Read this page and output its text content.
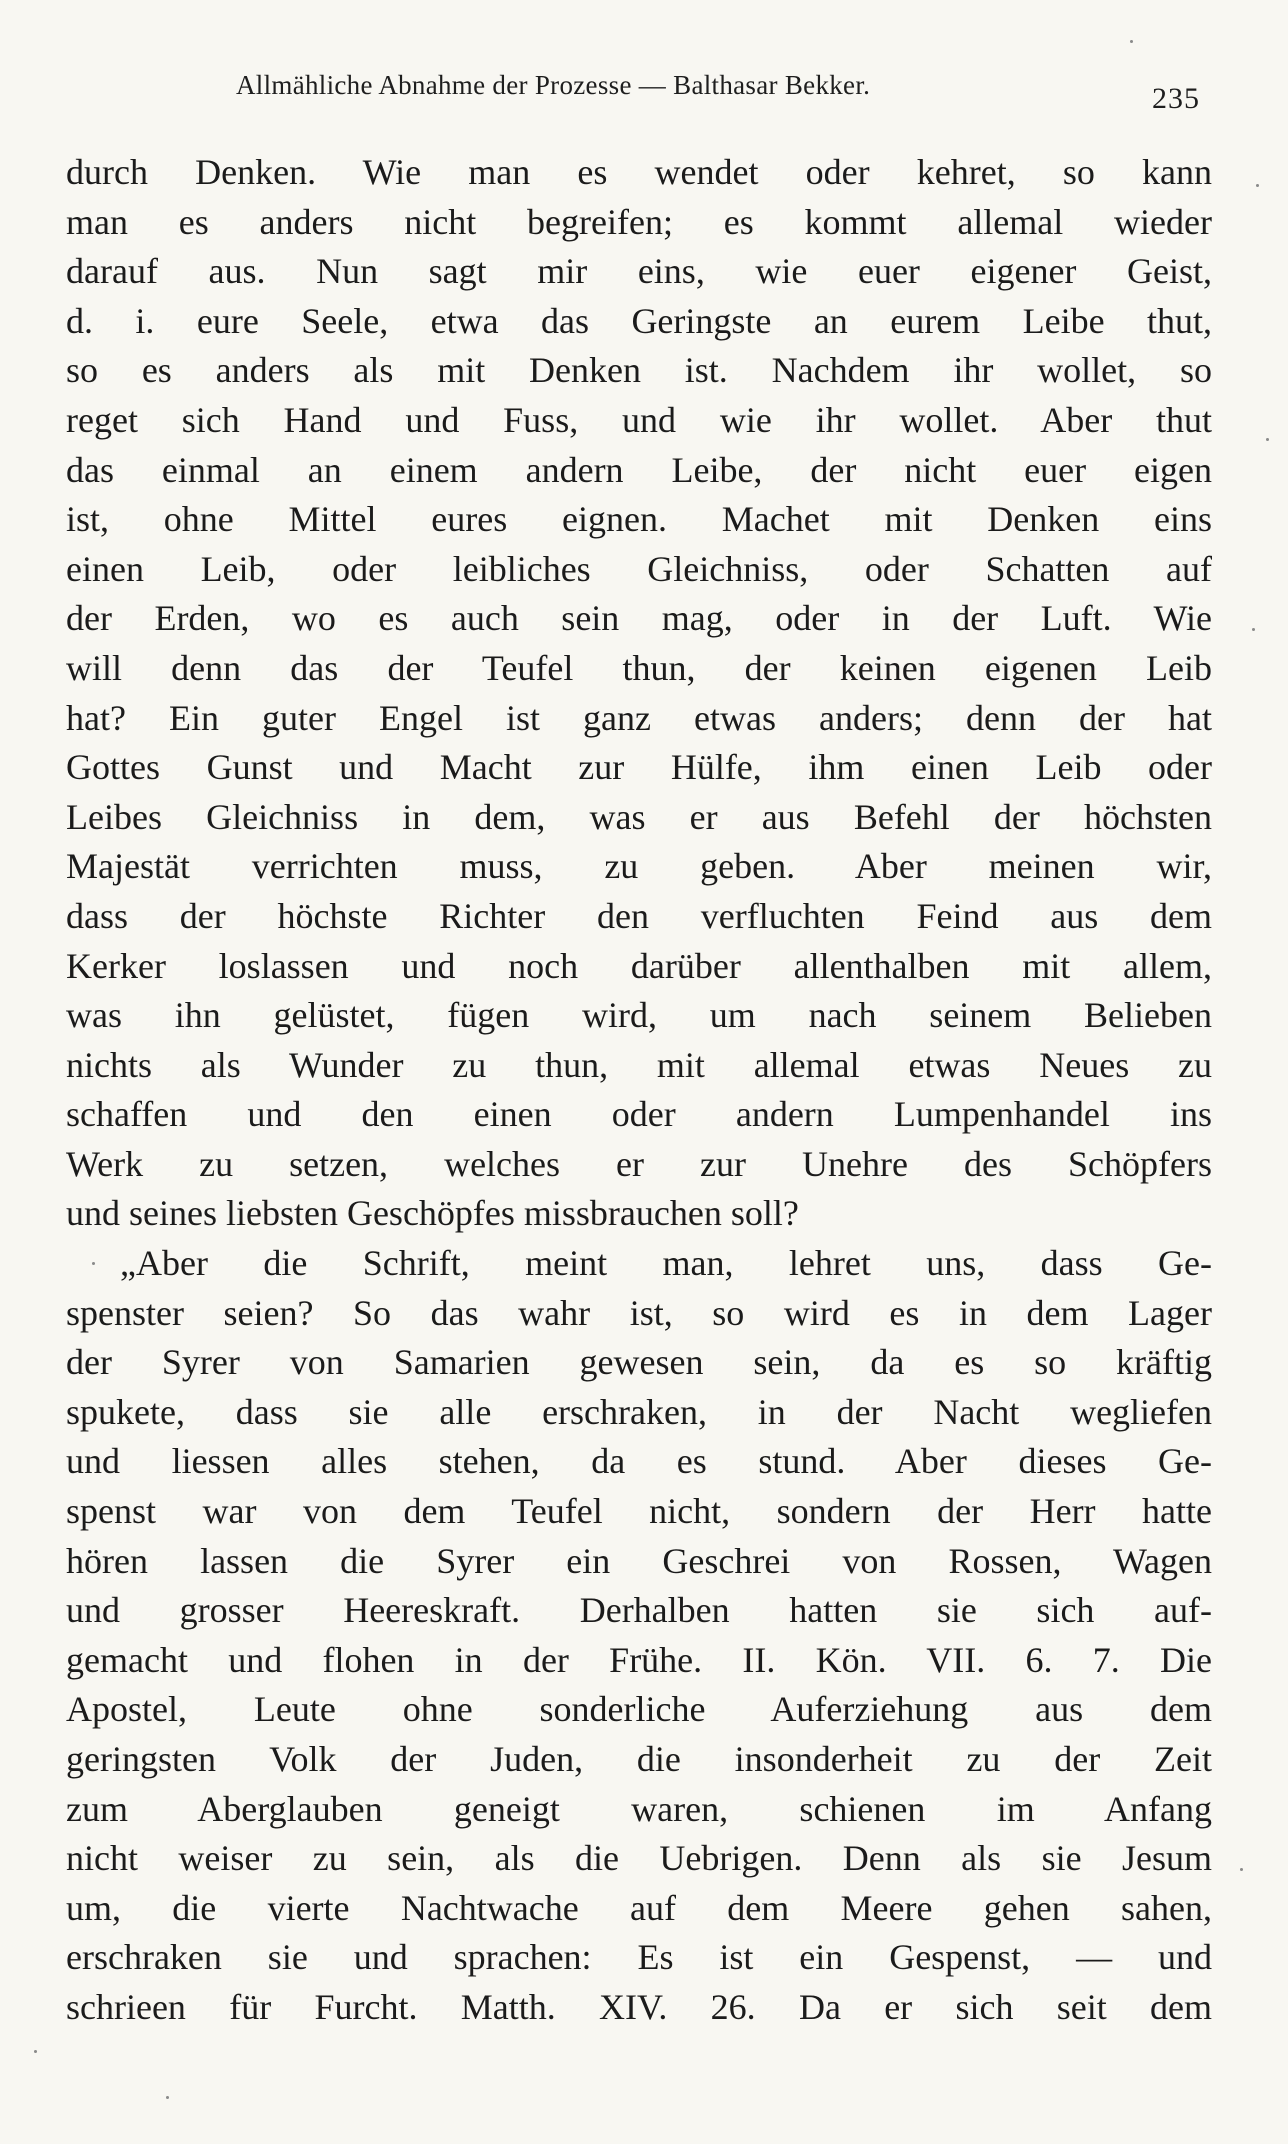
Allmähliche Abnahme der Prozesse — Balthasar Bekker.	235
durch Denken. Wie man es wendet oder kehret, so kann
man es anders nicht begreifen; es kommt allemal wieder
darauf aus. Nun sagt mir eins, wie euer eigener Geist,
d. i. eure Seele, etwa das Geringste an eurem Leibe thut,
so es anders als mit Denken ist. Nachdem ihr wollet, so
reget sich Hand und Fuss, und wie ihr wollet. Aber thut
das einmal an einem andern Leibe, der nicht euer eigen
ist, ohne Mittel eures eignen. Machet mit Denken eins
einen Leib, oder leibliches Gleichniss, oder Schatten auf
der Erden, wo es auch sein mag, oder in der Luft. Wie
will denn das der Teufel thun, der keinen eigenen Leib
hat? Ein guter Engel ist ganz etwas anders; denn der hat
Gottes Gunst und Macht zur Hülfe, ihm einen Leib oder
Leibes Gleichniss in dem, was er aus Befehl der höchsten
Majestät verrichten muss, zu geben. Aber meinen wir,
dass der höchste Richter den verfluchten Feind aus dem
Kerker loslassen und noch darüber allenthalben mit allem,
was ihn gelüstet, fügen wird, um nach seinem Belieben
nichts als Wunder zu thun, mit allemal etwas Neues zu
schaffen und den einen oder andern Lumpenhandel ins
Werk zu setzen, welches er zur Unehre des Schöpfers
und seines liebsten Geschöpfes missbrauchen soll?
„Aber die Schrift, meint man, lehret uns, dass Ge-
spenster seien? So das wahr ist, so wird es in dem Lager
der Syrer von Samarien gewesen sein, da es so kräftig
spukete, dass sie alle erschraken, in der Nacht wegliefen
und liessen alles stehen, da es stund. Aber dieses Ge-
spenst war von dem Teufel nicht, sondern der Herr hatte
hören lassen die Syrer ein Geschrei von Rossen, Wagen
und grosser Heereskraft. Derhalben hatten sie sich auf-
gemacht und flohen in der Frühe. II. Kön. VII. 6. 7. Die
Apostel, Leute ohne sonderliche Auferziehung aus dem
geringsten Volk der Juden, die insonderheit zu der Zeit
zum Aberglauben geneigt waren, schienen im Anfang
nicht weiser zu sein, als die Uebrigen. Denn als sie Jesum
um, die vierte Nachtwache auf dem Meere gehen sahen,
erschraken sie und sprachen: Es ist ein Gespenst, — und
schrieen für Furcht. Matth. XIV. 26. Da er sich seit dem
